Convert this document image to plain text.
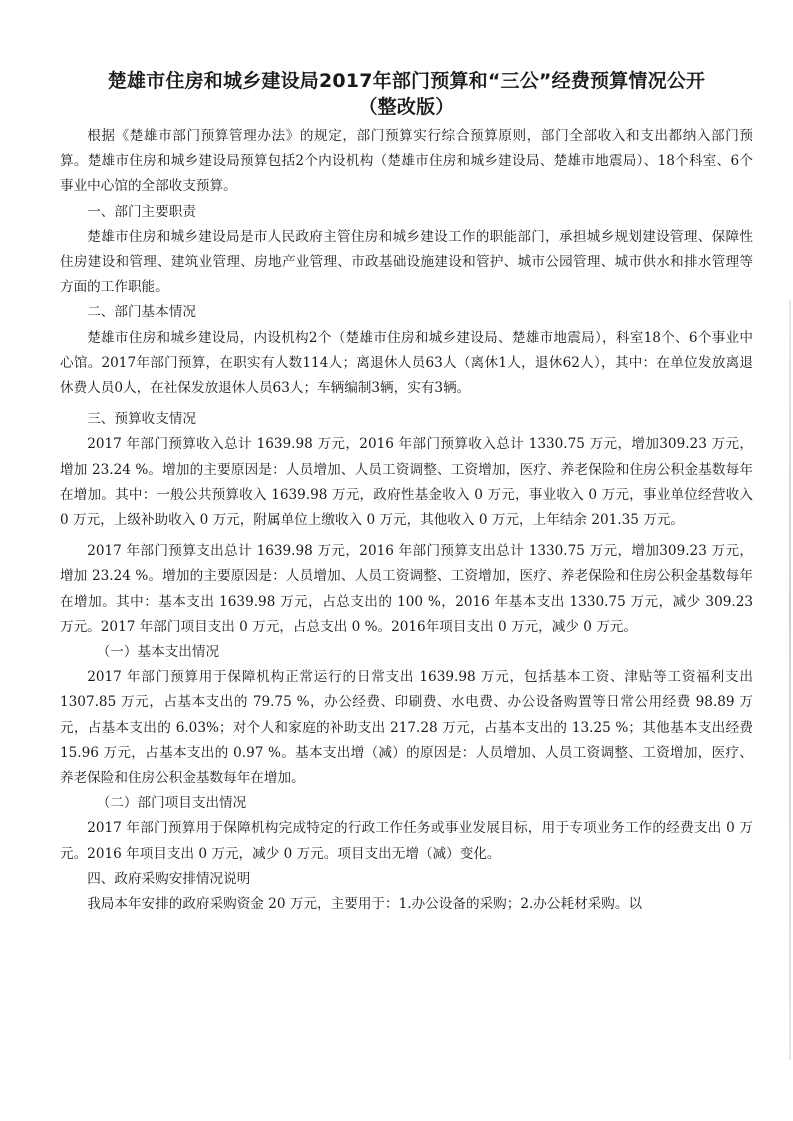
楚雄市住房和城乡建设局2017年部门预算和“三公”经费预算情况公开
（整改版）

根据《楚雄市部门预算管理办法》的规定，部门预算实行综合预算原则，部门全部收入和支出都纳入部门预算。楚雄市住房和城乡建设局预算包括2个内设机构（楚雄市住房和城乡建设局、楚雄市地震局）、18个科室、6个事业中心馆的全部收支预算。

一、部门主要职责

楚雄市住房和城乡建设局是市人民政府主管住房和城乡建设工作的职能部门，承担城乡规划建设管理、保障性住房建设和管理、建筑业管理、房地产业管理、市政基础设施建设和管护、城市公园管理、城市供水和排水管理等方面的工作职能。

二、部门基本情况

楚雄市住房和城乡建设局，内设机构2个（楚雄市住房和城乡建设局、楚雄市地震局），科室18个、6个事业中心馆。2017年部门预算，在职实有人数114人；离退休人员63人（离休1人，退休62人），其中：在单位发放离退休费人员0人，在社保发放退休人员63人；车辆编制3辆，实有3辆。

三、预算收支情况

2017 年部门预算收入总计 1639.98 万元，2016 年部门预算收入总计 1330.75 万元，增加309.23 万元，增加 23.24 %。增加的主要原因是：人员增加、人员工资调整、工资增加，医疗、养老保险和住房公积金基数每年在增加。其中：一般公共预算收入 1639.98 万元，政府性基金收入 0 万元，事业收入 0 万元，事业单位经营收入 0 万元，上级补助收入 0 万元，附属单位上缴收入 0 万元，其他收入 0 万元，上年结余 201.35 万元。

2017 年部门预算支出总计 1639.98 万元，2016 年部门预算支出总计 1330.75 万元，增加309.23 万元，增加 23.24 %。增加的主要原因是：人员增加、人员工资调整、工资增加，医疗、养老保险和住房公积金基数每年在增加。其中：基本支出 1639.98 万元，占总支出的 100 %，2016 年基本支出 1330.75 万元，减少 309.23 万元。2017 年部门项目支出 0 万元，占总支出 0 %。2016年项目支出 0 万元，减少 0 万元。

（一）基本支出情况

2017 年部门预算用于保障机构正常运行的日常支出 1639.98 万元，包括基本工资、津贴等工资福利支出 1307.85 万元，占基本支出的 79.75 %，办公经费、印刷费、水电费、办公设备购置等日常公用经费 98.89 万元，占基本支出的 6.03%；对个人和家庭的补助支出 217.28 万元，占基本支出的 13.25 %；其他基本支出经费 15.96 万元，占基本支出的 0.97 %。基本支出增（减）的原因是：人员增加、人员工资调整、工资增加，医疗、养老保险和住房公积金基数每年在增加。

（二）部门项目支出情况

2017 年部门预算用于保障机构完成特定的行政工作任务或事业发展目标，用于专项业务工作的经费支出 0 万元。2016 年项目支出 0 万元，减少 0 万元。项目支出无增（减）变化。

四、政府采购安排情况说明

我局本年安排的政府采购资金 20 万元，主要用于：1.办公设备的采购；2.办公耗材采购。以
